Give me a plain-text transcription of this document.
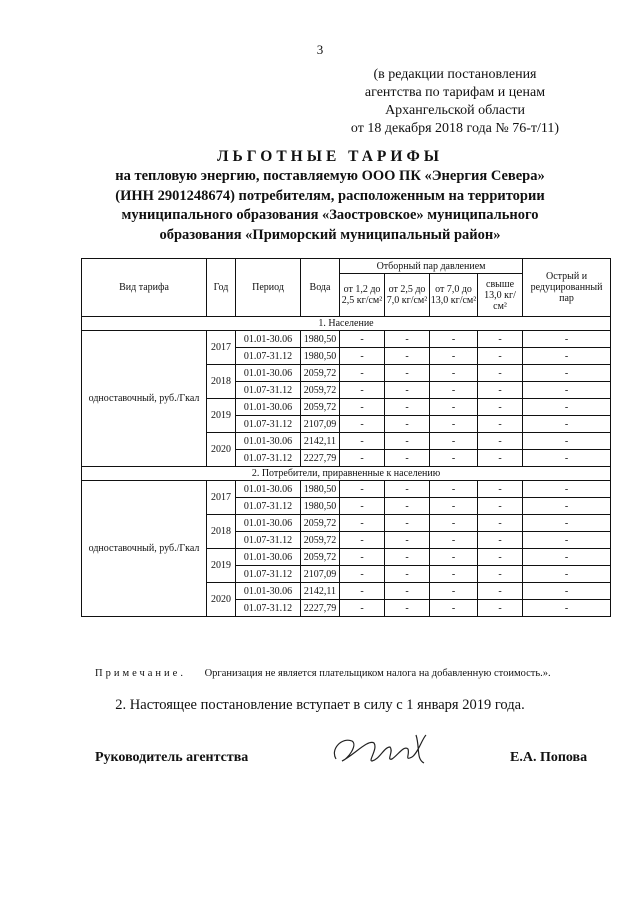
3
(в редакции постановления
агентства по тарифам и ценам
Архангельской области
от 18 декабря 2018 года № 76-т/11)
ЛЬГОТНЫЕ ТАРИФЫ
на тепловую энергию, поставляемую ООО ПК «Энергия Севера»
(ИНН 2901248674) потребителям, расположенным на территории
муниципального образования «Заостровское» муниципального
образования «Приморский муниципальный район»
Вид тарифа	Год	Период	Вода	Отборный пар давлением				Острый и редуцированный пар
				от 1,2 до 2,5 кг/см²	от 2,5 до 7,0 кг/см²	от 7,0 до 13,0 кг/см²	свыше 13,0 кг/см²	
1. Население								
одноставочный, руб./Гкал	2017	01.01-30.06	1980,50	-	-	-	-	-
		01.07-31.12	1980,50	-	-	-	-	-
	2018	01.01-30.06	2059,72	-	-	-	-	-
		01.07-31.12	2059,72	-	-	-	-	-
	2019	01.01-30.06	2059,72	-	-	-	-	-
		01.07-31.12	2107,09	-	-	-	-	-
	2020	01.01-30.06	2142,11	-	-	-	-	-
		01.07-31.12	2227,79	-	-	-	-	-
2. Потребители, приравненные к населению								
одноставочный, руб./Гкал	2017	01.01-30.06	1980,50	-	-	-	-	-
		01.07-31.12	1980,50	-	-	-	-	-
	2018	01.01-30.06	2059,72	-	-	-	-	-
		01.07-31.12	2059,72	-	-	-	-	-
	2019	01.01-30.06	2059,72	-	-	-	-	-
		01.07-31.12	2107,09	-	-	-	-	-
	2020	01.01-30.06	2142,11	-	-	-	-	-
		01.07-31.12	2227,79	-	-	-	-	-
Примечание. Организация не является плательщиком налога на добавленную стоимость.».
2. Настоящее постановление вступает в силу с 1 января 2019 года.
Руководитель агентства	Е.А. Попова
